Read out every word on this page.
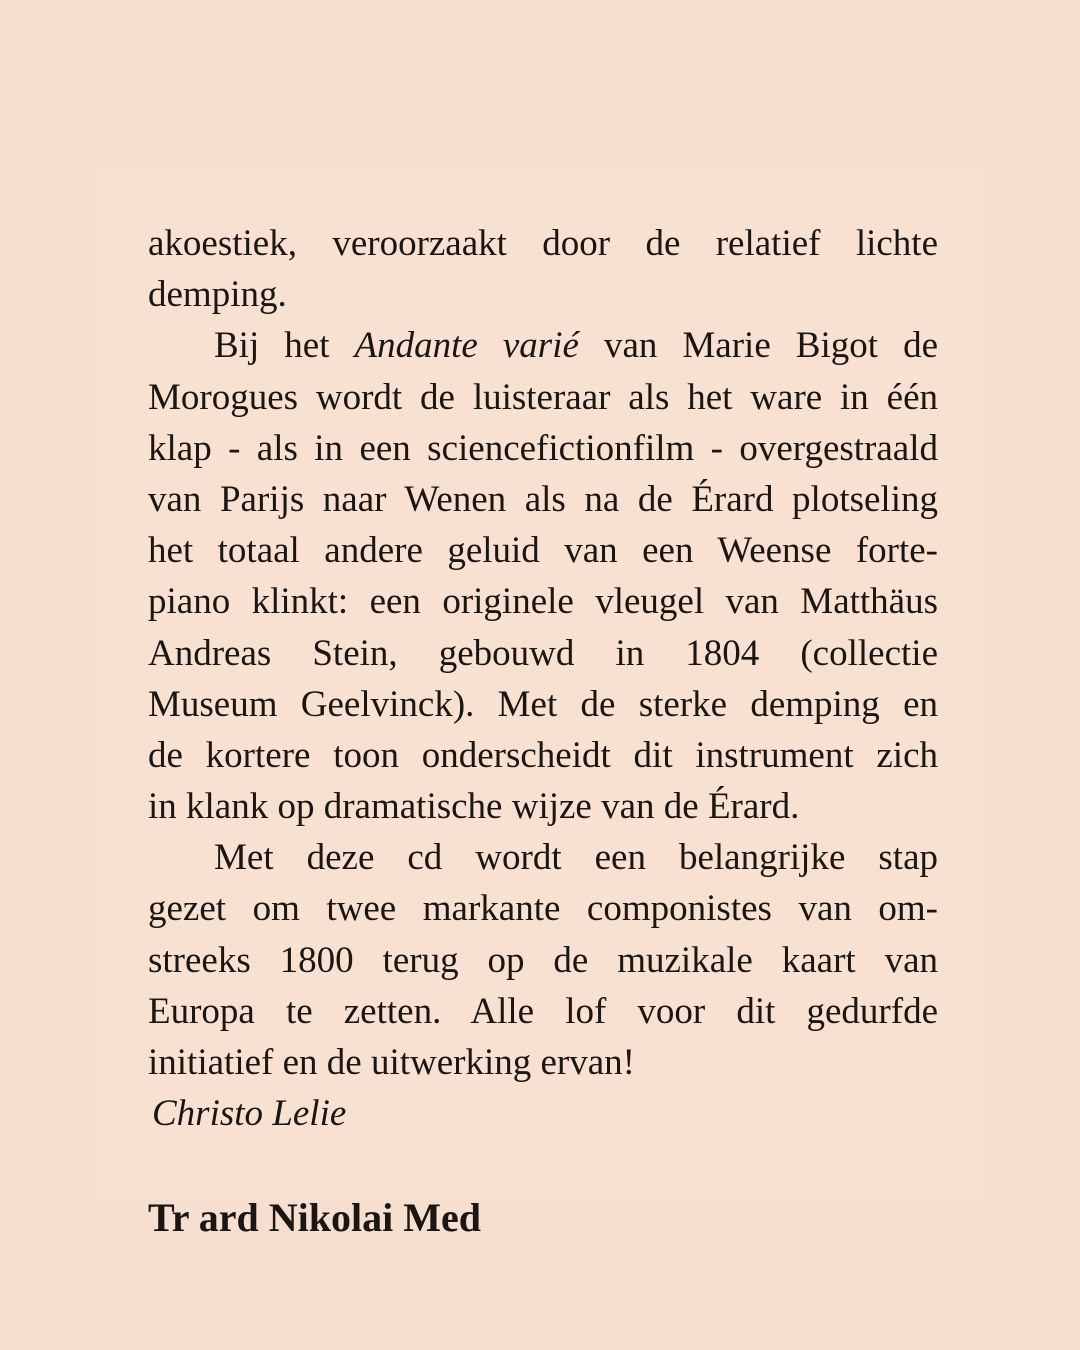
akoestiek, veroorzaakt door de relatief lichte
demping.
Bij het Andante varié van Marie Bigot de
Morogues wordt de luisteraar als het ware in één
klap - als in een sciencefictionfilm - overgestraald
van Parijs naar Wenen als na de Érard plotseling
het totaal andere geluid van een Weense forte-
piano klinkt: een originele vleugel van Matthäus
Andreas Stein, gebouwd in 1804 (collectie
Museum Geelvinck). Met de sterke demping en
de kortere toon onderscheidt dit instrument zich
in klank op dramatische wijze van de Érard.
Met deze cd wordt een belangrijke stap
gezet om twee markante componistes van om-
streeks 1800 terug op de muzikale kaart van
Europa te zetten. Alle lof voor dit gedurfde
initiatief en de uitwerking ervan!
Christo Lelie
Tr ard Nikolai Med
